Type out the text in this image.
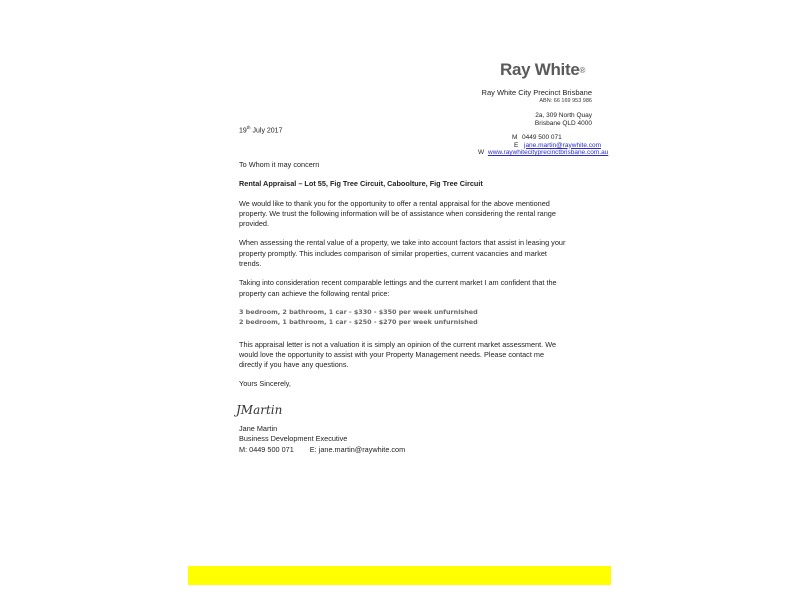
Ray White®
Ray White City Precinct Brisbane
ABN: 66 169 953 986
2a, 309 North Quay
Brisbane QLD 4000
M 0449 500 071
E jane.martin@raywhite.com
W www.raywhitecityprecinctbrisbane.com.au
19th July 2017

To Whom it may concern

Rental Appraisal – Lot 55, Fig Tree Circuit, Caboolture, Fig Tree Circuit

We would like to thank you for the opportunity to offer a rental appraisal for the above mentioned property. We trust the following information will be of assistance when considering the rental range provided.

When assessing the rental value of a property, we take into account factors that assist in leasing your property promptly. This includes comparison of similar properties, current vacancies and market trends.

Taking into consideration recent comparable lettings and the current market I am confident that the property can achieve the following rental price:

3 bedroom, 2 bathroom, 1 car - $330 - $350 per week unfurnished
2 bedroom, 1 bathroom, 1 car - $250 - $270 per week unfurnished

This appraisal letter is not a valuation it is simply an opinion of the current market assessment. We would love the opportunity to assist with your Property Management needs. Please contact me directly if you have any questions.

Yours Sincerely,

JMartin
Jane Martin
Business Development Executive
M: 0449 500 071 E: jane.martin@raywhite.com
